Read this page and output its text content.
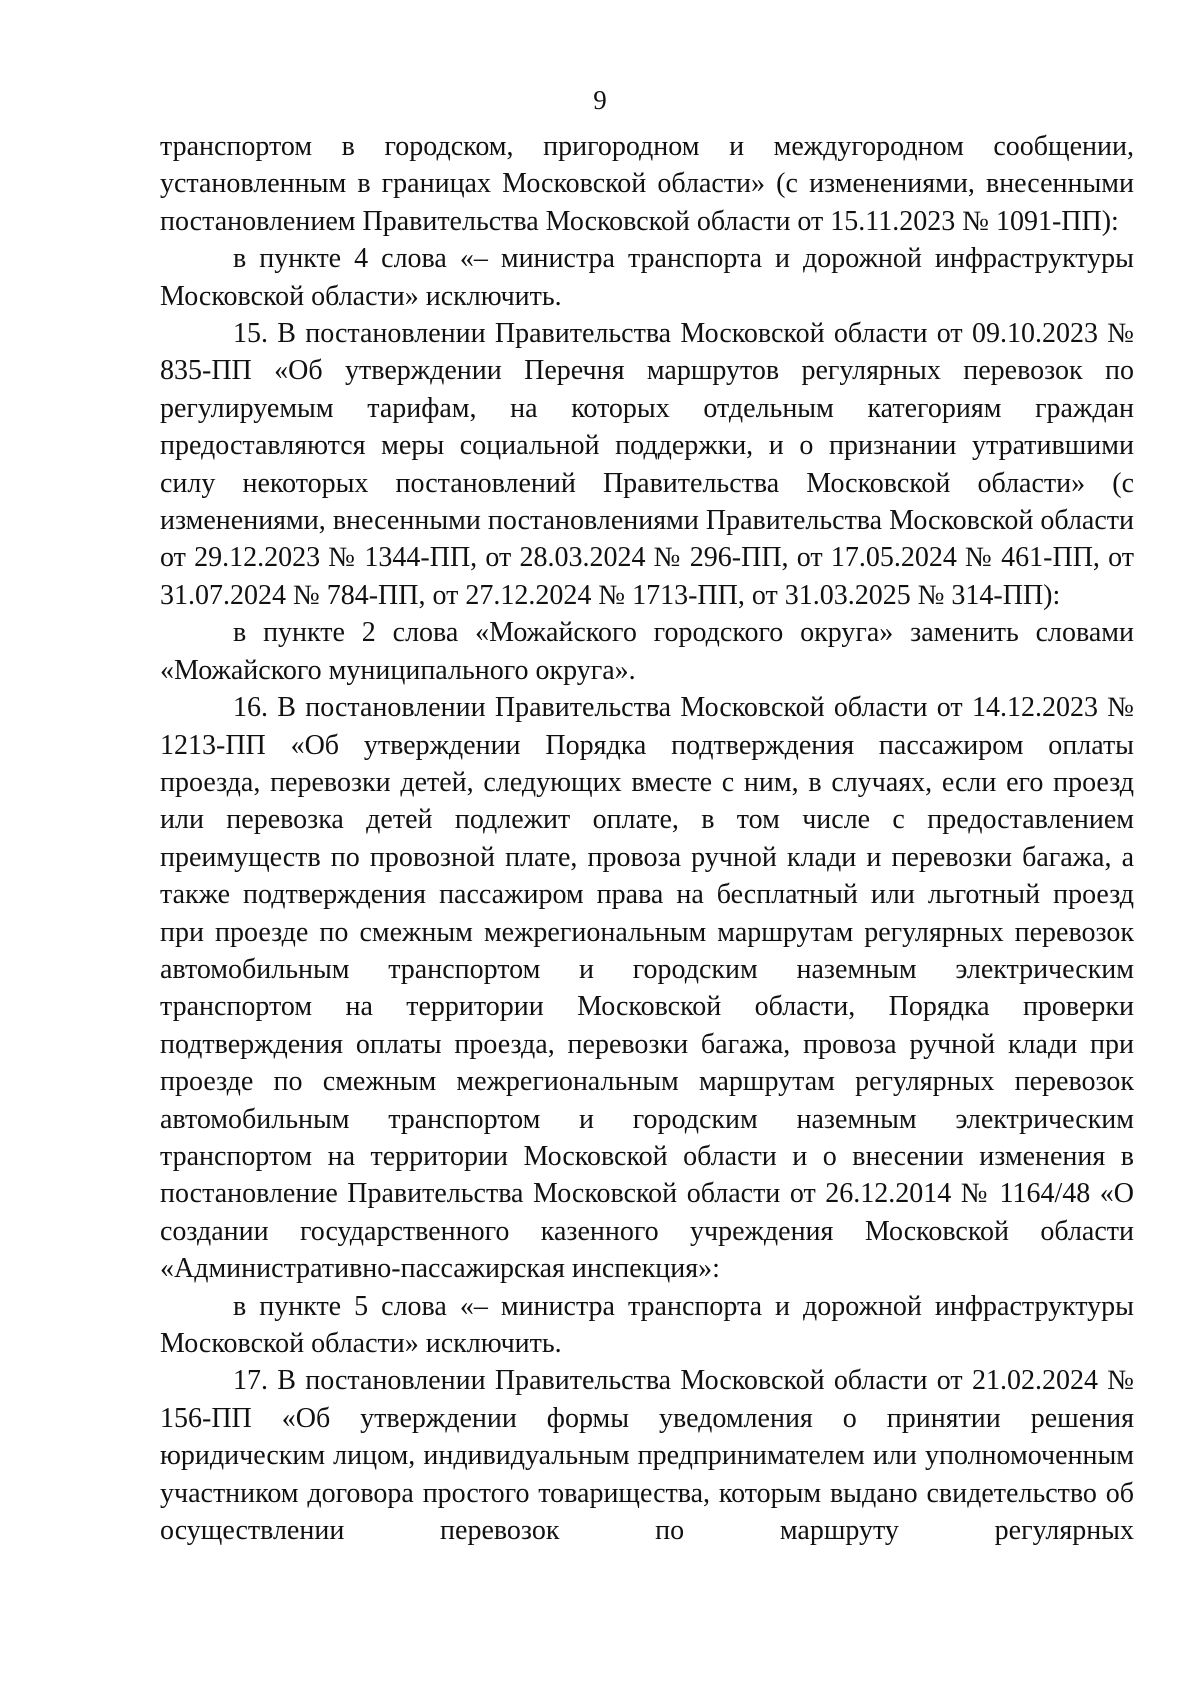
9

транспортом в городском, пригородном и междугородном сообщении, установленным в границах Московской области» (с изменениями, внесенными постановлением Правительства Московской области от 15.11.2023 № 1091-ПП):

в пункте 4 слова «– министра транспорта и дорожной инфраструктуры Московской области» исключить.

15. В постановлении Правительства Московской области от 09.10.2023 № 835-ПП «Об утверждении Перечня маршрутов регулярных перевозок по регулируемым тарифам, на которых отдельным категориям граждан предоставляются меры социальной поддержки, и о признании утратившими силу некоторых постановлений Правительства Московской области» (с изменениями, внесенными постановлениями Правительства Московской области от 29.12.2023 № 1344-ПП, от 28.03.2024 № 296-ПП, от 17.05.2024 № 461-ПП, от 31.07.2024 № 784-ПП, от 27.12.2024 № 1713-ПП, от 31.03.2025 № 314-ПП):

в пункте 2 слова «Можайского городского округа» заменить словами «Можайского муниципального округа».

16. В постановлении Правительства Московской области от 14.12.2023 № 1213-ПП «Об утверждении Порядка подтверждения пассажиром оплаты проезда, перевозки детей, следующих вместе с ним, в случаях, если его проезд или перевозка детей подлежит оплате, в том числе с предоставлением преимуществ по провозной плате, провоза ручной клади и перевозки багажа, а также подтверждения пассажиром права на бесплатный или льготный проезд при проезде по смежным межрегиональным маршрутам регулярных перевозок автомобильным транспортом и городским наземным электрическим транспортом на территории Московской области, Порядка проверки подтверждения оплаты проезда, перевозки багажа, провоза ручной клади при проезде по смежным межрегиональным маршрутам регулярных перевозок автомобильным транспортом и городским наземным электрическим транспортом на территории Московской области и о внесении изменения в постановление Правительства Московской области от 26.12.2014 № 1164/48 «О создании государственного казенного учреждения Московской области «Административно-пассажирская инспекция»:

в пункте 5 слова «– министра транспорта и дорожной инфраструктуры Московской области» исключить.

17. В постановлении Правительства Московской области от 21.02.2024 № 156-ПП «Об утверждении формы уведомления о принятии решения юридическим лицом, индивидуальным предпринимателем или уполномоченным участником договора простого товарищества, которым выдано свидетельство об осуществлении перевозок по маршруту регулярных
